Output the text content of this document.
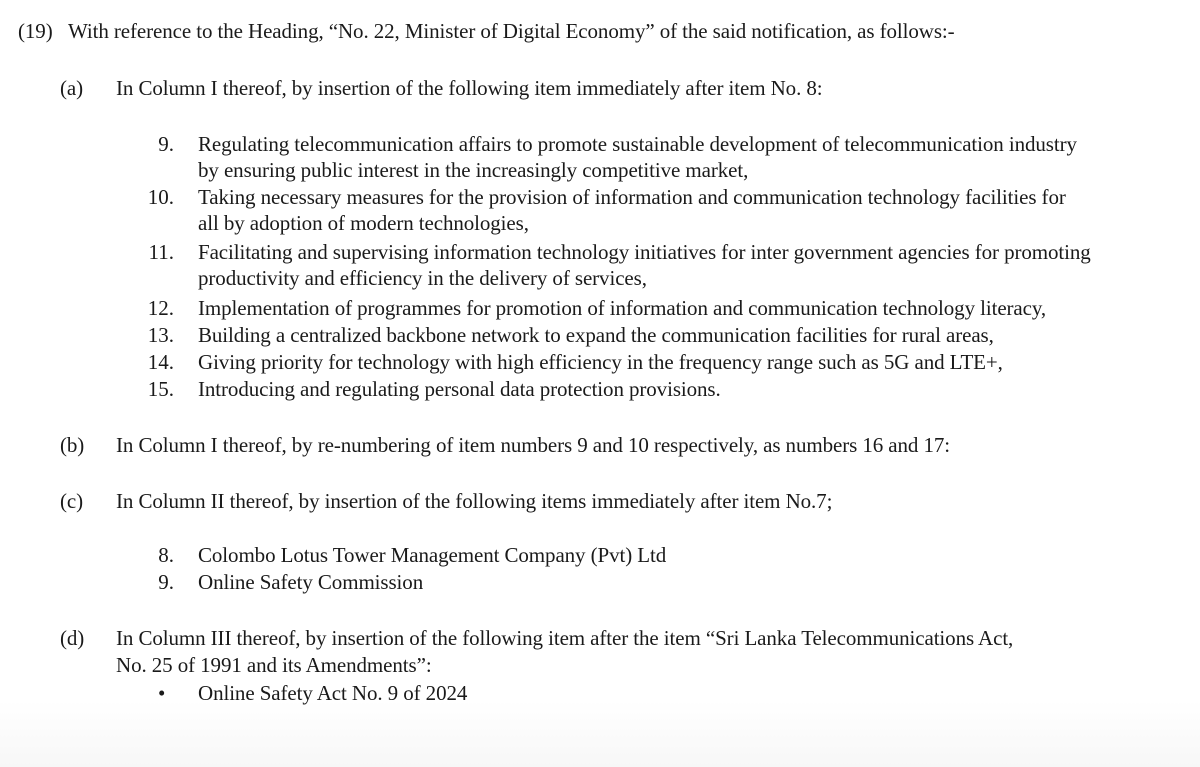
(19) With reference to the Heading, “No. 22, Minister of Digital Economy” of the said notification, as follows:-
(a) In Column I thereof, by insertion of the following item immediately after item No. 8:
9. Regulating telecommunication affairs to promote sustainable development of telecommunication industry
by ensuring public interest in the increasingly competitive market,
10. Taking necessary measures for the provision of information and communication technology facilities for
all by adoption of modern technologies,
11. Facilitating and supervising information technology initiatives for inter government agencies for promoting
productivity and efficiency in the delivery of services,
12. Implementation of programmes for promotion of information and communication technology literacy,
13. Building a centralized backbone network to expand the communication facilities for rural areas,
14. Giving priority for technology with high efficiency in the frequency range such as 5G and LTE+,
15. Introducing and regulating personal data protection provisions.
(b) In Column I thereof, by re-numbering of item numbers 9 and 10 respectively, as numbers 16 and 17:
(c) In Column II thereof, by insertion of the following items immediately after item No.7;
8. Colombo Lotus Tower Management Company (Pvt) Ltd
9. Online Safety Commission
(d) In Column III thereof, by insertion of the following item after the item “Sri Lanka Telecommunications Act,
No. 25 of 1991 and its Amendments”:
• Online Safety Act No. 9 of 2024
